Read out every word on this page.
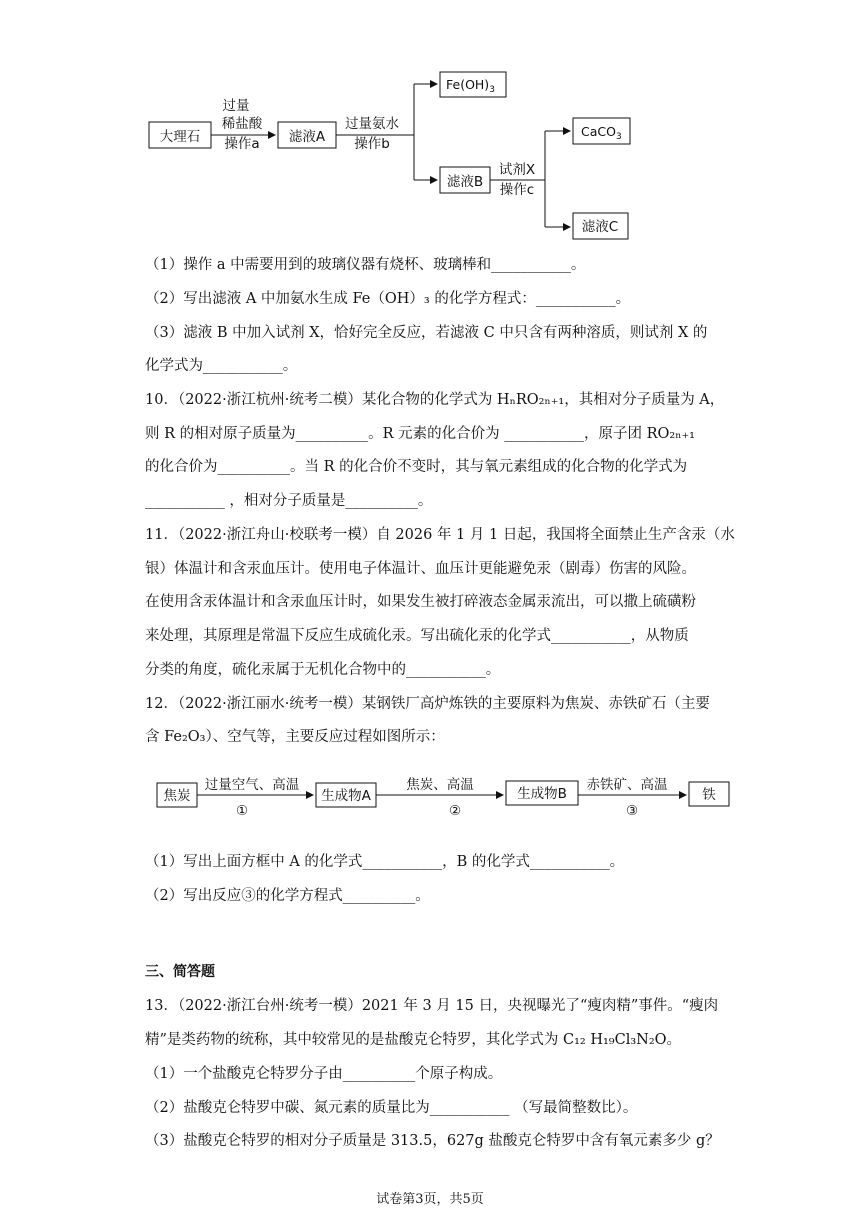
大理石
过量
稀盐酸
操作a 滤液A
过量氨水
操作b
$Fe(OH)_3$
滤液B
试剂X
操作c
CaCO$_3$
滤液C
（1）操作 a 中需要用到的玻璃仪器有烧杯、玻璃棒和___________。
（2）写出滤液 A 中加氨水生成 Fe（OH）₃ 的化学方程式：___________。
（3）滤液 B 中加入试剂 X，恰好完全反应，若滤液 C 中只含有两种溶质，则试剂 X 的
化学式为___________。
10．（2022·浙江杭州·统考二模）某化合物的化学式为 HₙRO₂ₙ₊₁，其相对分子质量为 A，
则 R 的相对原子质量为__________。R 元素的化合价为 ___________，原子团 RO₂ₙ₊₁
的化合价为__________。当 R 的化合价不变时，其与氧元素组成的化合物的化学式为
___________ ，相对分子质量是__________。
11．（2022·浙江舟山·校联考一模）自 2026 年 1 月 1 日起，我国将全面禁止生产含汞（水
银）体温计和含汞血压计。使用电子体温计、血压计更能避免汞（剧毒）伤害的风险。
在使用含汞体温计和含汞血压计时，如果发生被打碎液态金属汞流出，可以撒上硫磺粉
来处理，其原理是常温下反应生成硫化汞。写出硫化汞的化学式___________，从物质
分类的角度，硫化汞属于无机化合物中的___________。
12．（2022·浙江丽水·统考一模）某钢铁厂高炉炼铁的主要原料为焦炭、赤铁矿石（主要
含 Fe₂O₃）、空气等，主要反应过程如图所示：
焦炭
过量空气、高温
①
生成物A
焦炭、高温
②
生成物B
赤铁矿、高温
③
铁
（1）写出上面方框中 A 的化学式___________，B 的化学式___________。
（2）写出反应③的化学方程式__________。
三、简答题
13．（2022·浙江台州·统考一模）2021 年 3 月 15 日，央视曝光了“瘦肉精”事件。“瘦肉
精”是类药物的统称，其中较常见的是盐酸克仑特罗，其化学式为 C₁₂ H₁₉Cl₃N₂O。
（1）一个盐酸克仑特罗分子由__________个原子构成。
（2）盐酸克仑特罗中碳、氮元素的质量比为___________ （写最简整数比）。
（3）盐酸克仑特罗的相对分子质量是 313.5，627g 盐酸克仑特罗中含有氧元素多少 g？
试卷第3页，共5页
